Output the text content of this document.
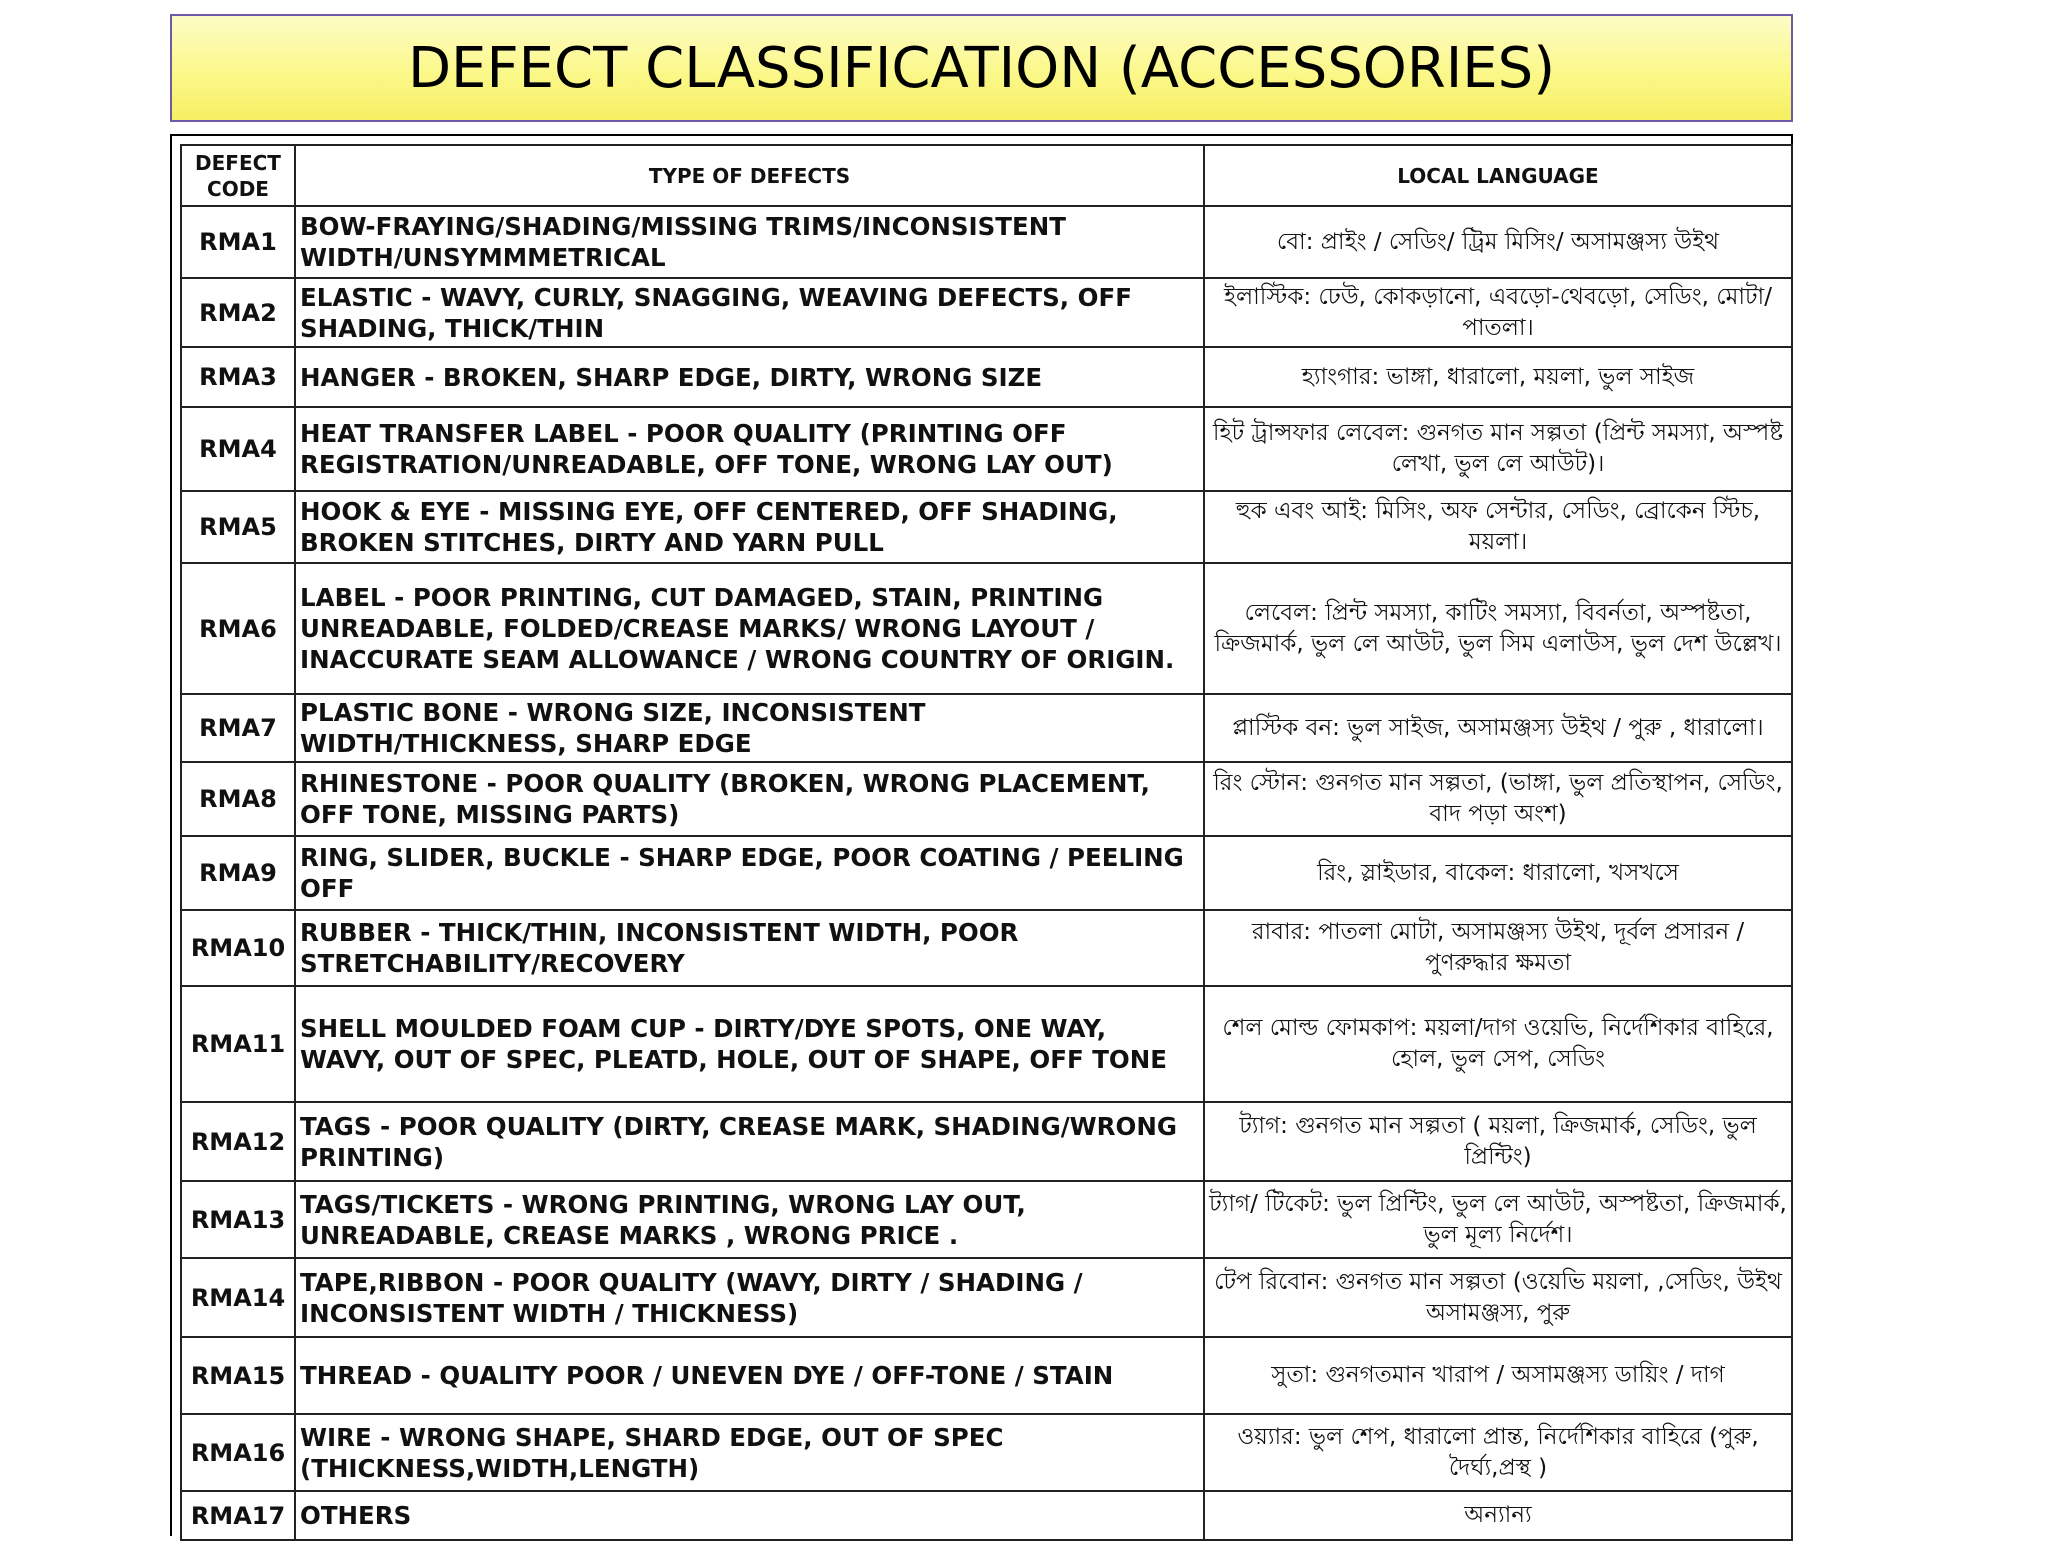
DEFECT CLASSIFICATION (ACCESSORIES)
DEFECT CODE	TYPE OF DEFECTS	LOCAL LANGUAGE
RMA1	BOW-FRAYING/SHADING/MISSING TRIMS/INCONSISTENT WIDTH/UNSYMMMETRICAL	বো: প্রাইং / সেডিং/ ট্রিম মিসিং/ অসামঞ্জস্য উইথ
RMA2	ELASTIC - WAVY, CURLY, SNAGGING, WEAVING DEFECTS, OFF SHADING, THICK/THIN	ইলাস্টিক: ঢেউ, কোকড়ানো, এবড়ো-থেবড়ো, সেডিং, মোটা/পাতলা।
RMA3	HANGER - BROKEN, SHARP EDGE, DIRTY, WRONG SIZE	হ্যাংগার: ভাঙ্গা, ধারালো, ময়লা, ভুল সাইজ
RMA4	HEAT TRANSFER LABEL - POOR QUALITY (PRINTING OFF REGISTRATION/UNREADABLE, OFF TONE, WRONG LAY OUT)	হিট ট্রান্সফার লেবেল: গুনগত মান সল্পতা (প্রিন্ট সমস্যা, অস্পষ্ট লেখা, ভুল লে আউট)।
RMA5	HOOK & EYE - MISSING EYE, OFF CENTERED, OFF SHADING, BROKEN STITCHES, DIRTY AND YARN PULL	হুক এবং আই: মিসিং, অফ সেন্টার, সেডিং, ব্রোকেন স্টিচ, ময়লা।
RMA6	LABEL - POOR PRINTING, CUT DAMAGED, STAIN, PRINTING UNREADABLE, FOLDED/CREASE MARKS/ WRONG LAYOUT / INACCURATE SEAM ALLOWANCE / WRONG COUNTRY OF ORIGIN.	লেবেল: প্রিন্ট সমস্যা, কাটিং সমস্যা, বিবর্নতা, অস্পষ্টতা, ক্রিজমার্ক, ভুল লে আউট, ভুল সিম এলাউস, ভুল দেশ উল্লেখ।
RMA7	PLASTIC BONE - WRONG SIZE, INCONSISTENT WIDTH/THICKNESS, SHARP EDGE	প্লাস্টিক বন: ভুল সাইজ, অসামঞ্জস্য উইথ / পুরু , ধারালো।
RMA8	RHINESTONE - POOR QUALITY (BROKEN, WRONG PLACEMENT, OFF TONE, MISSING PARTS)	রিং স্টোন: গুনগত মান সল্পতা, (ভাঙ্গা, ভুল প্রতিস্থাপন, সেডিং, বাদ পড়া অংশ)
RMA9	RING, SLIDER, BUCKLE - SHARP EDGE, POOR COATING / PEELING OFF	রিং, স্লাইডার, বাকেল: ধারালো, খসখসে
RMA10	RUBBER - THICK/THIN, INCONSISTENT WIDTH, POOR STRETCHABILITY/RECOVERY	রাবার: পাতলা মোটা, অসামঞ্জস্য উইথ, দূর্বল প্রসারন / পুণরুদ্ধার ক্ষমতা
RMA11	SHELL MOULDED FOAM CUP - DIRTY/DYE SPOTS, ONE WAY, WAVY, OUT OF SPEC, PLEATD, HOLE, OUT OF SHAPE, OFF TONE	শেল মোল্ড ফোমকাপ: ময়লা/দাগ ওয়েভি, নির্দেশিকার বাহিরে, হোল, ভুল সেপ, সেডিং
RMA12	TAGS - POOR QUALITY (DIRTY, CREASE MARK, SHADING/WRONG PRINTING)	ট্যাগ: গুনগত মান সল্পতা ( ময়লা, ক্রিজমার্ক, সেডিং, ভুল প্রিন্টিং)
RMA13	TAGS/TICKETS - WRONG PRINTING, WRONG LAY OUT, UNREADABLE, CREASE MARKS , WRONG PRICE .	ট্যাগ/ টিকেট: ভুল প্রিন্টিং, ভুল লে আউট, অস্পষ্টতা, ক্রিজমার্ক, ভুল মূল্য নির্দেশ।
RMA14	TAPE,RIBBON - POOR QUALITY (WAVY, DIRTY / SHADING / INCONSISTENT WIDTH / THICKNESS)	টেপ রিবোন: গুনগত মান সল্পতা (ওয়েভি ময়লা, ,সেডিং, উইথ অসামঞ্জস্য, পুরু
RMA15	THREAD - QUALITY POOR / UNEVEN DYE / OFF-TONE / STAIN	সুতা: গুনগতমান খারাপ / অসামঞ্জস্য ডায়িং / দাগ
RMA16	WIRE - WRONG SHAPE, SHARD EDGE, OUT OF SPEC (THICKNESS,WIDTH,LENGTH)	ওয়্যার: ভুল শেপ, ধারালো প্রান্ত, নির্দেশিকার বাহিরে (পুরু, দৈর্ঘ্য,প্রস্থ )
RMA17	OTHERS	অন্যান্য
